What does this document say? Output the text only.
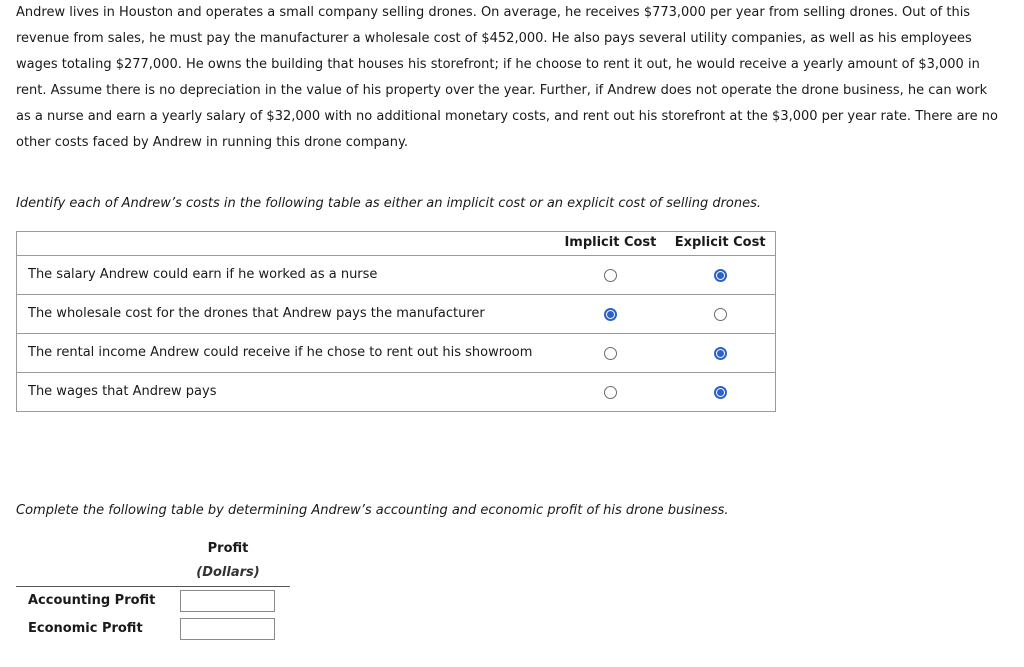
Andrew lives in Houston and operates a small company selling drones. On average, he receives $773,000 per year from selling drones. Out of this revenue from sales, he must pay the manufacturer a wholesale cost of $452,000. He also pays several utility companies, as well as his employees wages totaling $277,000. He owns the building that houses his storefront; if he choose to rent it out, he would receive a yearly amount of $3,000 in rent. Assume there is no depreciation in the value of his property over the year. Further, if Andrew does not operate the drone business, he can work as a nurse and earn a yearly salary of $32,000 with no additional monetary costs, and rent out his storefront at the $3,000 per year rate. There are no other costs faced by Andrew in running this drone company.

Identify each of Andrew’s costs in the following table as either an implicit cost or an explicit cost of selling drones.

Implicit Cost	Explicit Cost
The salary Andrew could earn if he worked as a nurse
The wholesale cost for the drones that Andrew pays the manufacturer
The rental income Andrew could receive if he chose to rent out his showroom
The wages that Andrew pays

Complete the following table by determining Andrew’s accounting and economic profit of his drone business.

Profit
(Dollars)
Accounting Profit
Economic Profit
